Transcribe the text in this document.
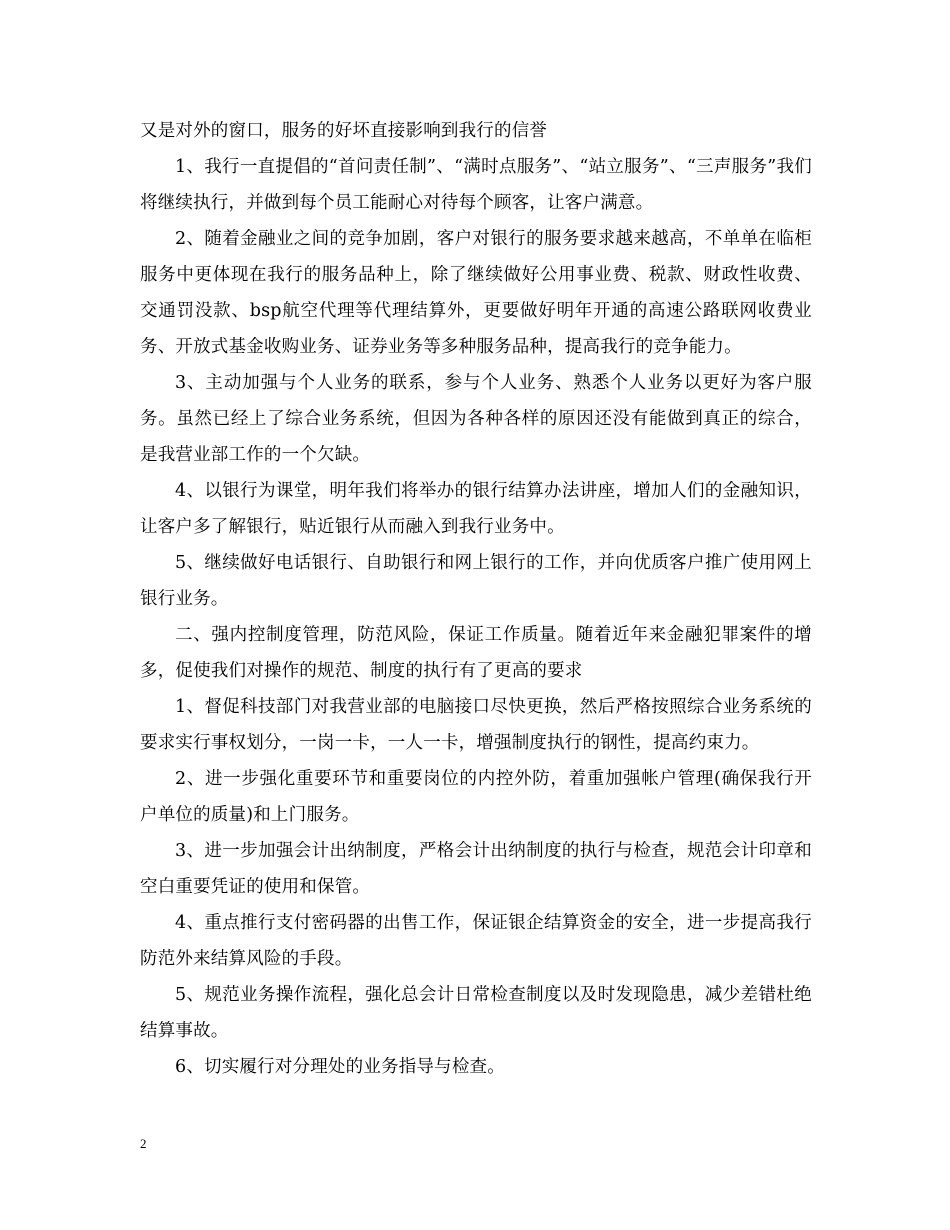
又是对外的窗口，服务的好坏直接影响到我行的信誉

1、我行一直提倡的“首问责任制”、“满时点服务”、“站立服务”、“三声服务”我们将继续执行，并做到每个员工能耐心对待每个顾客，让客户满意。

2、随着金融业之间的竞争加剧，客户对银行的服务要求越来越高，不单单在临柜服务中更体现在我行的服务品种上，除了继续做好公用事业费、税款、财政性收费、交通罚没款、bsp航空代理等代理结算外，更要做好明年开通的高速公路联网收费业务、开放式基金收购业务、证券业务等多种服务品种，提高我行的竞争能力。

3、主动加强与个人业务的联系，参与个人业务、熟悉个人业务以更好为客户服务。虽然已经上了综合业务系统，但因为各种各样的原因还没有能做到真正的综合，是我营业部工作的一个欠缺。

4、以银行为课堂，明年我们将举办的银行结算办法讲座，增加人们的金融知识，让客户多了解银行，贴近银行从而融入到我行业务中。

5、继续做好电话银行、自助银行和网上银行的工作，并向优质客户推广使用网上银行业务。

二、强内控制度管理，防范风险，保证工作质量。随着近年来金融犯罪案件的增多，促使我们对操作的规范、制度的执行有了更高的要求

1、督促科技部门对我营业部的电脑接口尽快更换，然后严格按照综合业务系统的要求实行事权划分，一岗一卡，一人一卡，增强制度执行的钢性，提高约束力。

2、进一步强化重要环节和重要岗位的内控外防，着重加强帐户管理(确保我行开户单位的质量)和上门服务。

3、进一步加强会计出纳制度，严格会计出纳制度的执行与检查，规范会计印章和空白重要凭证的使用和保管。

4、重点推行支付密码器的出售工作，保证银企结算资金的安全，进一步提高我行防范外来结算风险的手段。

5、规范业务操作流程，强化总会计日常检查制度以及时发现隐患，减少差错杜绝结算事故。

6、切实履行对分理处的业务指导与检查。

2
